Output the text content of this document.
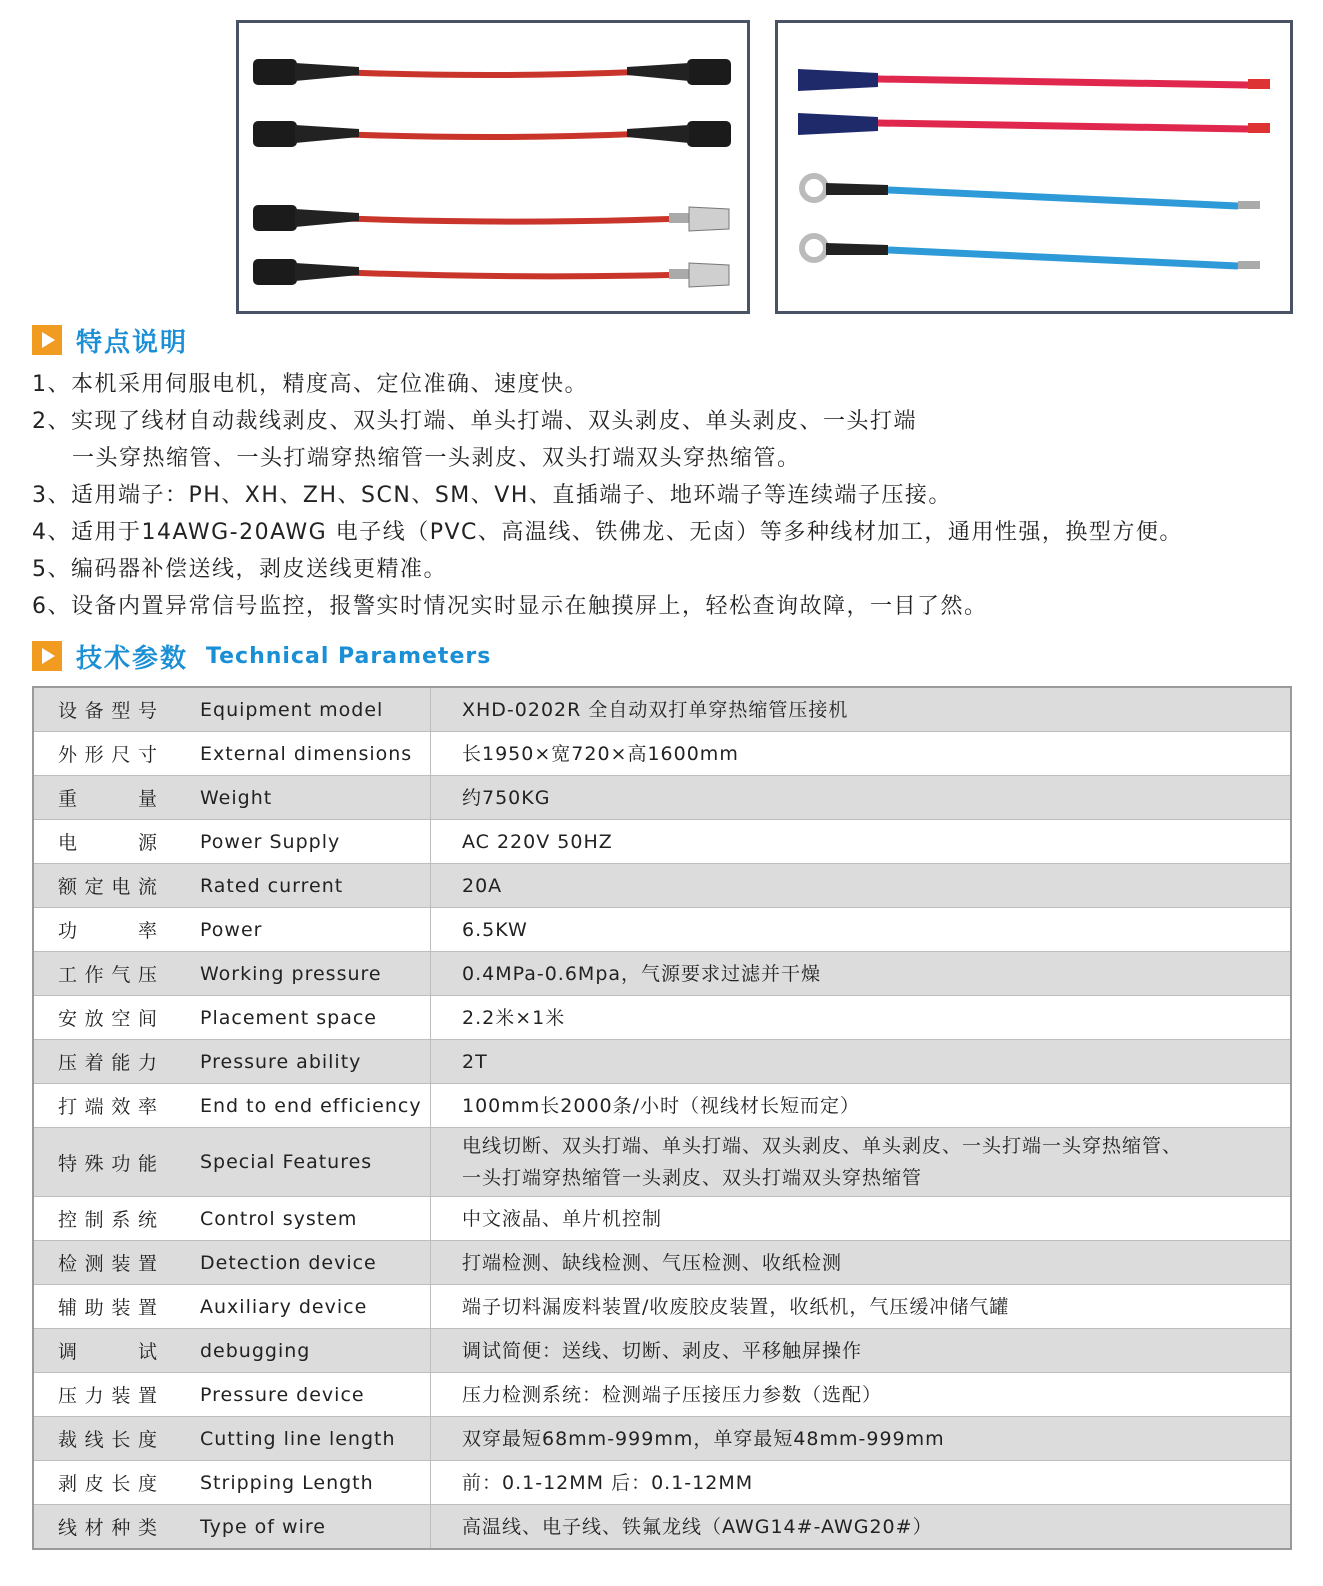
特点说明
1、本机采用伺服电机，精度高、定位准确、速度快。
2、实现了线材自动裁线剥皮、双头打端、单头打端、双头剥皮、单头剥皮、一头打端
一头穿热缩管、一头打端穿热缩管一头剥皮、双头打端双头穿热缩管。
3、适用端子：PH、XH、ZH、SCN、SM、VH、直插端子、地环端子等连续端子压接。
4、适用于14AWG-20AWG 电子线（PVC、高温线、铁佛龙、无卤）等多种线材加工，通用性强，换型方便。
5、编码器补偿送线，剥皮送线更精准。
6、设备内置异常信号监控，报警实时情况实时显示在触摸屏上，轻松查询故障，一目了然。
技术参数 Technical Parameters
设备型号	Equipment model	XHD-0202R 全自动双打单穿热缩管压接机
外形尺寸	External dimensions	长1950×宽720×高1600mm
重量	Weight	约750KG
电源	Power Supply	AC 220V 50HZ
额定电流	Rated current	20A
功率	Power	6.5KW
工作气压	Working pressure	0.4MPa-0.6Mpa，气源要求过滤并干燥
安放空间	Placement space	2.2米×1米
压着能力	Pressure ability	2T
打端效率	End to end efficiency	100mm长2000条/小时（视线材长短而定）
特殊功能	Special Features	电线切断、双头打端、单头打端、双头剥皮、单头剥皮、一头打端一头穿热缩管、
一头打端穿热缩管一头剥皮、双头打端双头穿热缩管
控制系统	Control system	中文液晶、单片机控制
检测装置	Detection device	打端检测、缺线检测、气压检测、收纸检测
辅助装置	Auxiliary device	端子切料漏废料装置/收废胶皮装置，收纸机，气压缓冲储气罐
调试	debugging	调试简便：送线、切断、剥皮、平移触屏操作
压力装置	Pressure device	压力检测系统：检测端子压接压力参数（选配）
裁线长度	Cutting line length	双穿最短68mm-999mm，单穿最短48mm-999mm
剥皮长度	Stripping Length	前：0.1-12MM 后：0.1-12MM
线材种类	Type of wire	高温线、电子线、铁氟龙线（AWG14#-AWG20#）
